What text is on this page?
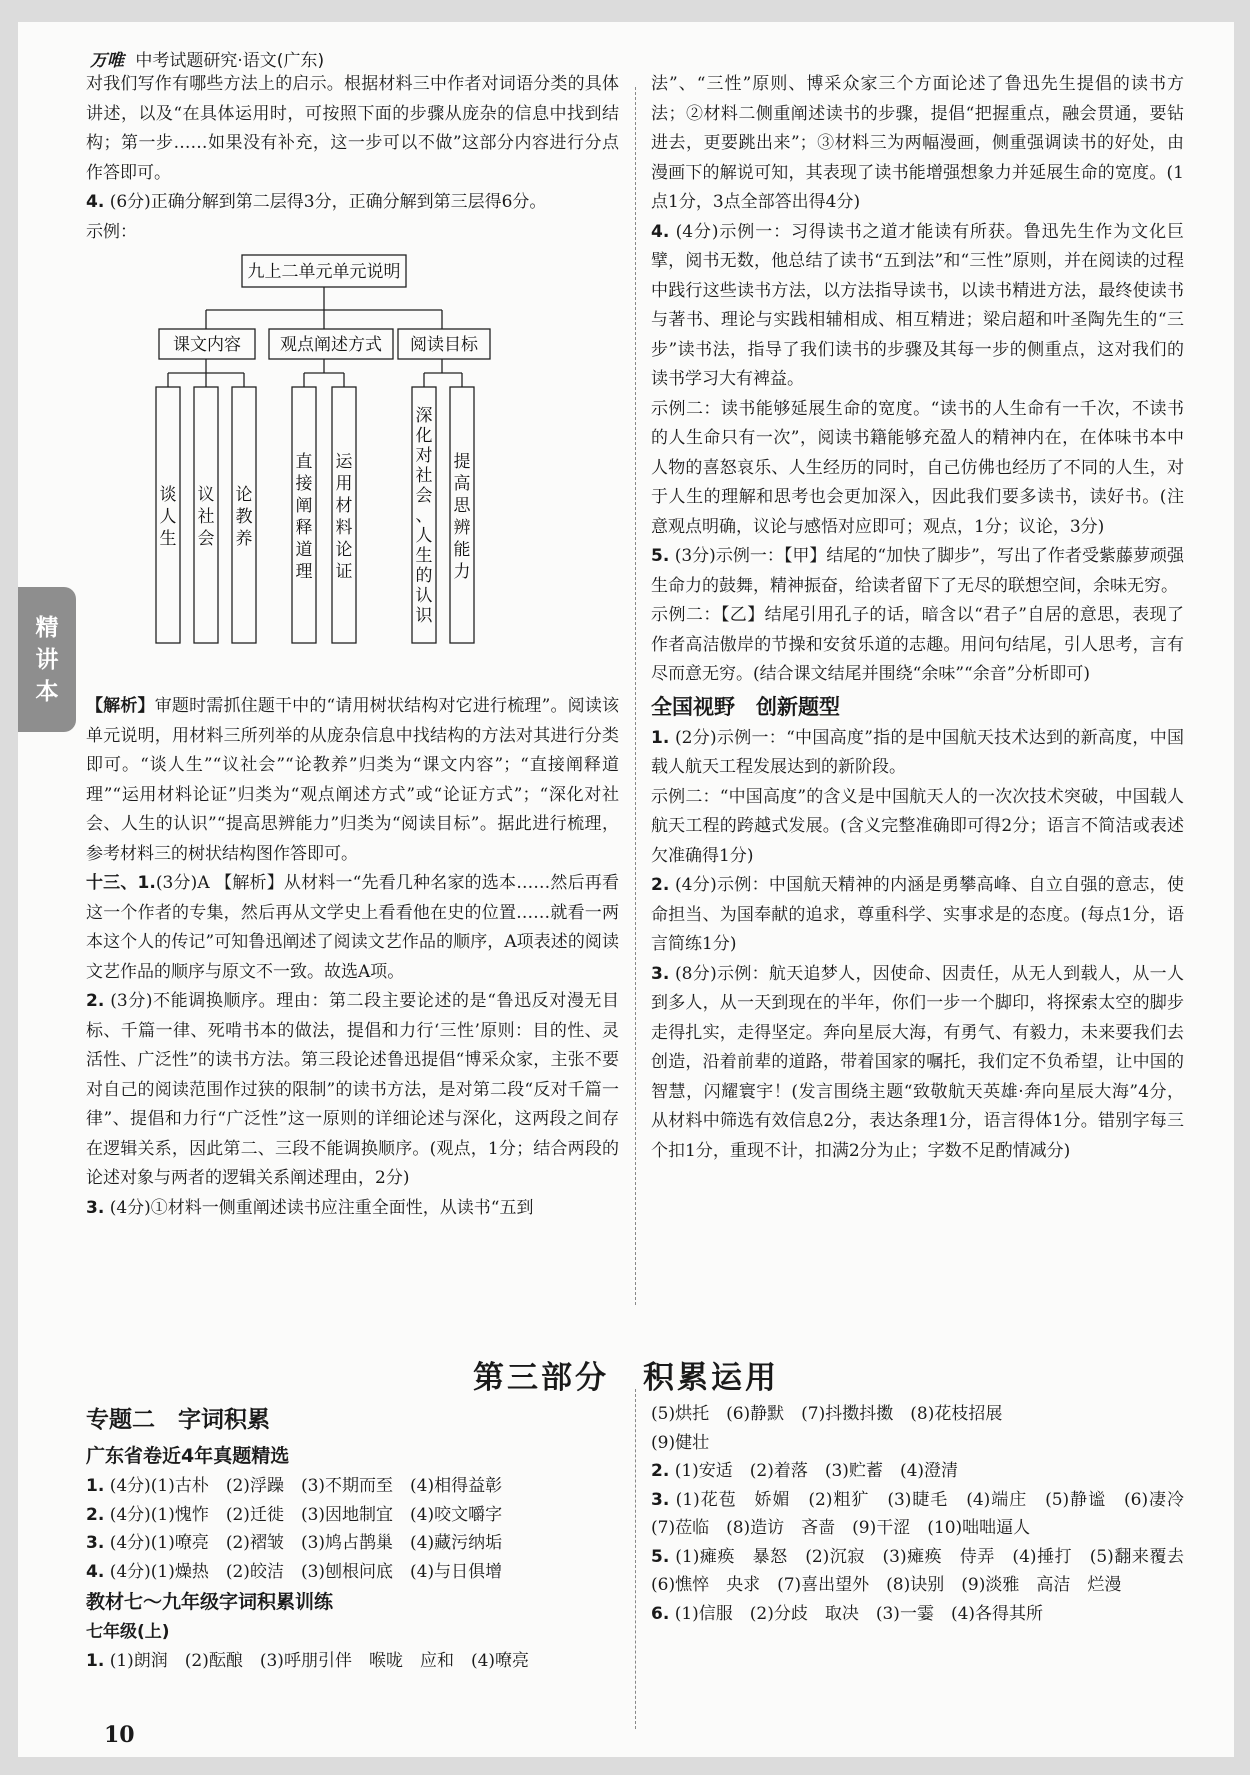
万唯 中考试题研究·语文(广东)

对我们写作有哪些方法上的启示。根据材料三中作者对词语分类的具体讲述，以及“在具体运用时，可按照下面的步骤从庞杂的信息中找到结构；第一步……如果没有补充，这一步可以不做”这部分内容进行分点作答即可。

4. (6分)正确分解到第二层得3分，正确分解到第三层得6分。

示例：

九上二单元单元说明
课文内容 观点阐述方式 阅读目标
谈
人
生
议
社
会
论
教
养
直
接
阐
释
道
理
运
用
材
料
论
证
深
化
对
社
会
、
人
生
的
认
识
提
高
思
辨
能
力

【解析】审题时需抓住题干中的“请用树状结构对它进行梳理”。阅读该单元说明，用材料三所列举的从庞杂信息中找结构的方法对其进行分类即可。“谈人生”“议社会”“论教养”归类为“课文内容”；“直接阐释道理”“运用材料论证”归类为“观点阐述方式”或“论证方式”；“深化对社会、人生的认识”“提高思辨能力”归类为“阅读目标”。据此进行梳理，参考材料三的树状结构图作答即可。

十三、1.(3分)A 【解析】从材料一“先看几种名家的选本……然后再看这一个作者的专集，然后再从文学史上看看他在史的位置……就看一两本这个人的传记”可知鲁迅阐述了阅读文艺作品的顺序，A项表述的阅读文艺作品的顺序与原文不一致。故选A项。

2. (3分)不能调换顺序。理由：第二段主要论述的是“鲁迅反对漫无目标、千篇一律、死啃书本的做法，提倡和力行‘三性’原则：目的性、灵活性、广泛性”的读书方法。第三段论述鲁迅提倡“博采众家，主张不要对自己的阅读范围作过狭的限制”的读书方法，是对第二段“反对千篇一律”、提倡和力行“广泛性”这一原则的详细论述与深化，这两段之间存在逻辑关系，因此第二、三段不能调换顺序。(观点，1分；结合两段的论述对象与两者的逻辑关系阐述理由，2分)

3. (4分)①材料一侧重阐述读书应注重全面性，从读书“五到

法”、“三性”原则、博采众家三个方面论述了鲁迅先生提倡的读书方法；②材料二侧重阐述读书的步骤，提倡“把握重点，融会贯通，要钻进去，更要跳出来”；③材料三为两幅漫画，侧重强调读书的好处，由漫画下的解说可知，其表现了读书能增强想象力并延展生命的宽度。(1点1分，3点全部答出得4分)

4. (4分)示例一：习得读书之道才能读有所获。鲁迅先生作为文化巨擘，阅书无数，他总结了读书“五到法”和“三性”原则，并在阅读的过程中践行这些读书方法，以方法指导读书，以读书精进方法，最终使读书与著书、理论与实践相辅相成、相互精进；梁启超和叶圣陶先生的“三步”读书法，指导了我们读书的步骤及其每一步的侧重点，这对我们的读书学习大有裨益。

示例二：读书能够延展生命的宽度。“读书的人生命有一千次，不读书的人生命只有一次”，阅读书籍能够充盈人的精神内在，在体味书本中人物的喜怒哀乐、人生经历的同时，自己仿佛也经历了不同的人生，对于人生的理解和思考也会更加深入，因此我们要多读书，读好书。(注意观点明确，议论与感悟对应即可；观点，1分；议论，3分)

5. (3分)示例一：【甲】结尾的“加快了脚步”，写出了作者受紫藤萝顽强生命力的鼓舞，精神振奋，给读者留下了无尽的联想空间，余味无穷。

示例二：【乙】结尾引用孔子的话，暗含以“君子”自居的意思，表现了作者高洁傲岸的节操和安贫乐道的志趣。用问句结尾，引人思考，言有尽而意无穷。(结合课文结尾并围绕“余味”“余音”分析即可)

全国视野　创新题型

1. (2分)示例一：“中国高度”指的是中国航天技术达到的新高度，中国载人航天工程发展达到的新阶段。

示例二：“中国高度”的含义是中国航天人的一次次技术突破，中国载人航天工程的跨越式发展。(含义完整准确即可得2分；语言不简洁或表述欠准确得1分)

2. (4分)示例：中国航天精神的内涵是勇攀高峰、自立自强的意志，使命担当、为国奉献的追求，尊重科学、实事求是的态度。(每点1分，语言简练1分)

3. (8分)示例：航天追梦人，因使命、因责任，从无人到载人，从一人到多人，从一天到现在的半年，你们一步一个脚印，将探索太空的脚步走得扎实，走得坚定。奔向星辰大海，有勇气、有毅力，未来要我们去创造，沿着前辈的道路，带着国家的嘱托，我们定不负希望，让中国的智慧，闪耀寰宇！(发言围绕主题“致敬航天英雄·奔向星辰大海”4分，从材料中筛选有效信息2分，表达条理1分，语言得体1分。错别字每三个扣1分，重现不计，扣满2分为止；字数不足酌情减分)

第三部分　积累运用

专题二　字词积累

广东省卷近4年真题精选

1. (4分)(1)古朴　(2)浮躁　(3)不期而至　(4)相得益彰

2. (4分)(1)愧怍　(2)迁徙　(3)因地制宜　(4)咬文嚼字

3. (4分)(1)嘹亮　(2)褶皱　(3)鸠占鹊巢　(4)藏污纳垢

4. (4分)(1)燥热　(2)皎洁　(3)刨根问底　(4)与日俱增

教材七～九年级字词积累训练

七年级(上)

1. (1)朗润　(2)酝酿　(3)呼朋引伴　喉咙　应和　(4)嘹亮

(5)烘托　(6)静默　(7)抖擞抖擞　(8)花枝招展

(9)健壮

2. (1)安适　(2)着落　(3)贮蓄　(4)澄清

3. (1)花苞　娇媚　(2)粗犷　(3)睫毛　(4)端庄　(5)静谧　(6)凄冷　(7)莅临　(8)造访　吝啬　(9)干涩　(10)咄咄逼人

5. (1)瘫痪　暴怒　(2)沉寂　(3)瘫痪　侍弄　(4)捶打　(5)翻来覆去　(6)憔悴　央求　(7)喜出望外　(8)诀别　(9)淡雅　高洁　烂漫

6. (1)信服　(2)分歧　取决　(3)一霎　(4)各得其所

精
讲
本
10
